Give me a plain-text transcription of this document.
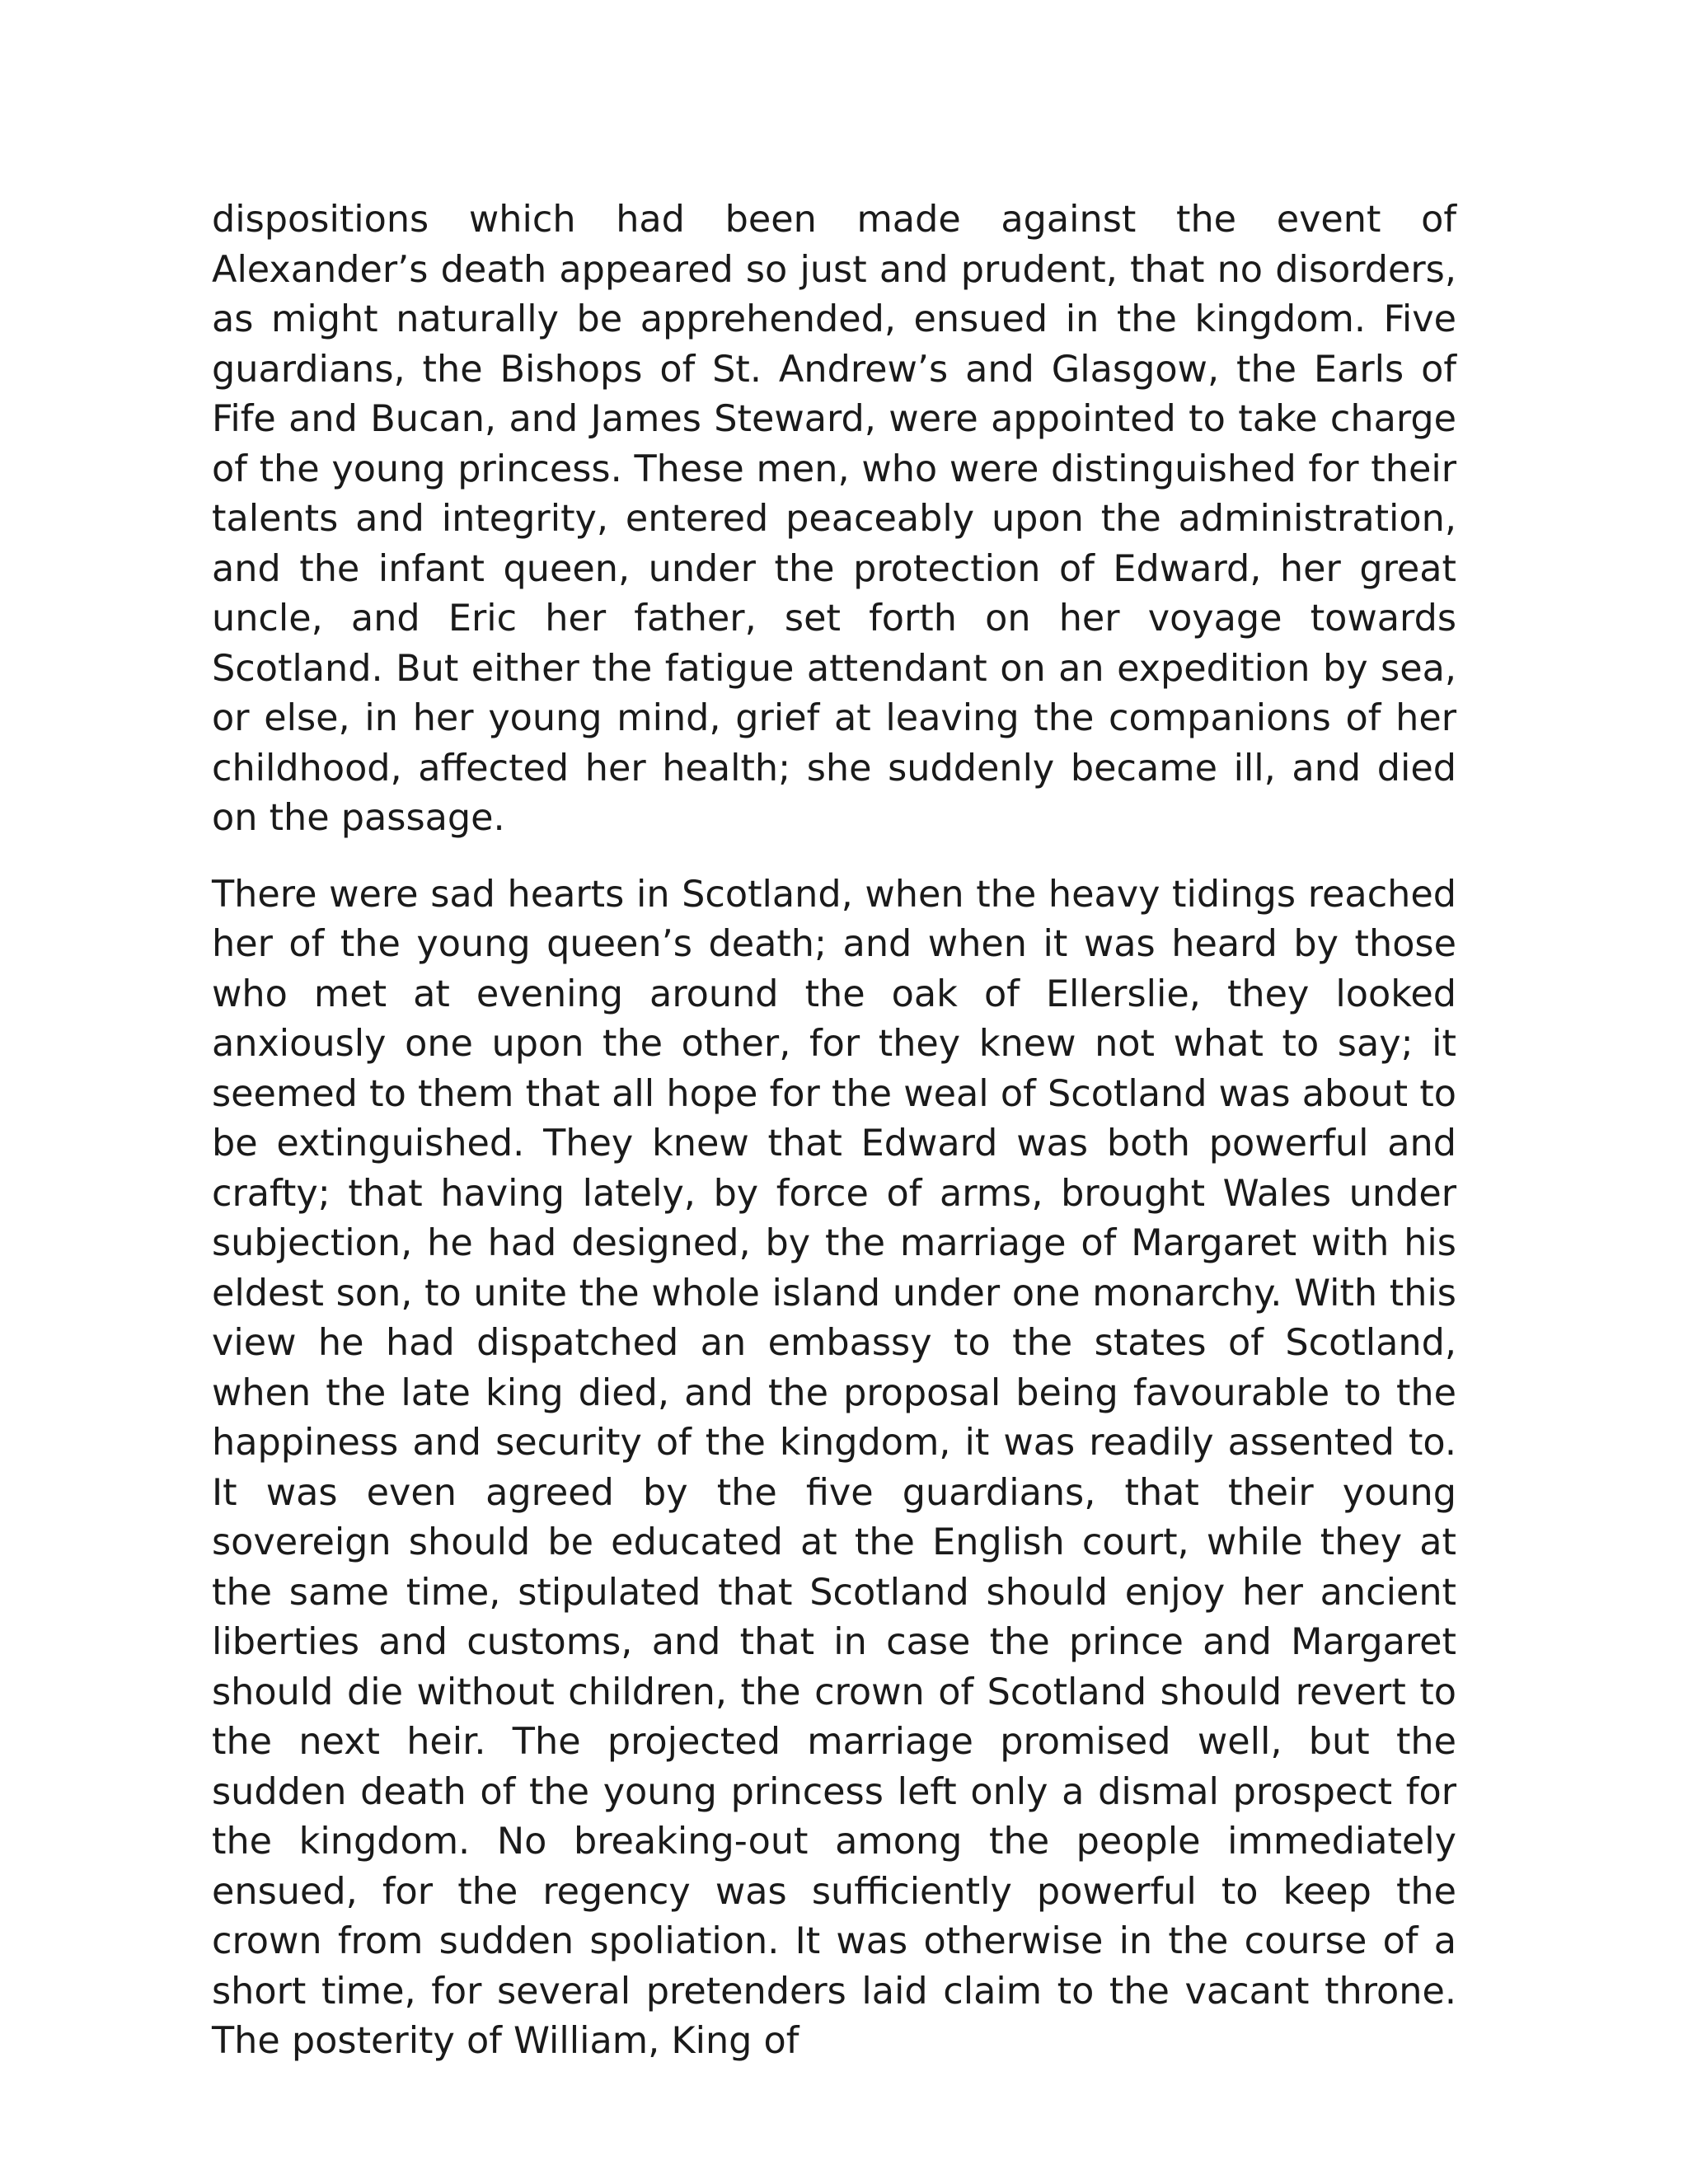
dispositions which had been made against the event of Alexander’s death appeared so just and prudent, that no disorders, as might naturally be apprehended, ensued in the kingdom. Five guardians, the Bishops of St. Andrew’s and Glasgow, the Earls of Fife and Bucan, and James Steward, were appointed to take charge of the young princess. These men, who were distinguished for their talents and integrity, entered peaceably upon the administration, and the infant queen, under the protection of Edward, her great uncle, and Eric her father, set forth on her voyage towards Scotland. But either the fatigue attendant on an expedition by sea, or else, in her young mind, grief at leaving the companions of her childhood, affected her health; she suddenly became ill, and died on the passage.

There were sad hearts in Scotland, when the heavy tidings reached her of the young queen’s death; and when it was heard by those who met at evening around the oak of Ellerslie, they looked anxiously one upon the other, for they knew not what to say; it seemed to them that all hope for the weal of Scotland was about to be extinguished. They knew that Edward was both powerful and crafty; that having lately, by force of arms, brought Wales under subjection, he had designed, by the marriage of Margaret with his eldest son, to unite the whole island under one monarchy. With this view he had dispatched an embassy to the states of Scotland, when the late king died, and the proposal being favourable to the happiness and security of the kingdom, it was readily assented to. It was even agreed by the five guardians, that their young sovereign should be educated at the English court, while they at the same time, stipulated that Scotland should enjoy her ancient liberties and customs, and that in case the prince and Margaret should die without children, the crown of Scotland should revert to the next heir. The projected marriage promised well, but the sudden death of the young princess left only a dismal prospect for the kingdom. No breaking-out among the people immediately ensued, for the regency was sufficiently powerful to keep the crown from sudden spoliation. It was otherwise in the course of a short time, for several pretenders laid claim to the vacant throne. The posterity of William, King of
